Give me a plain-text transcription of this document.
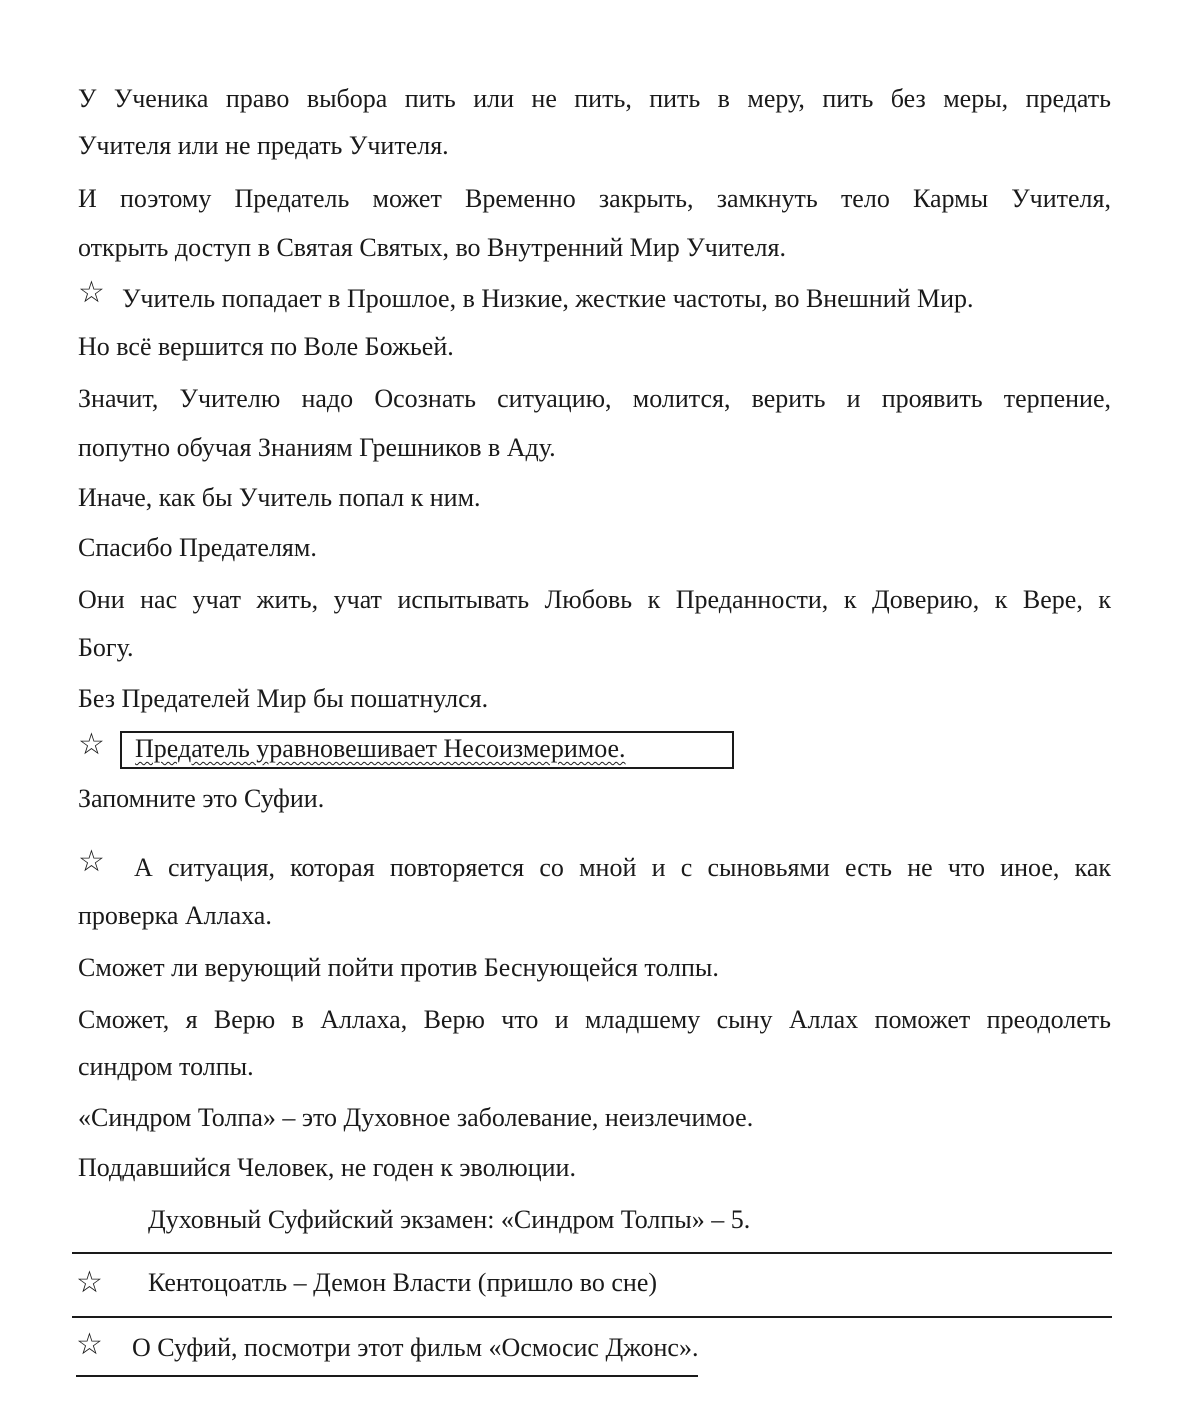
У Ученика право выбора пить или не пить, пить в меру, пить без меры, предать
Учителя или не предать Учителя.
И поэтому Предатель может Временно закрыть, замкнуть тело Кармы Учителя,
открыть доступ в Святая Святых, во Внутренний Мир Учителя.
☆ Учитель попадает в Прошлое, в Низкие, жесткие частоты, во Внешний Мир.
Но всё вершится по Воле Божьей.
Значит, Учителю надо Осознать ситуацию, молится, верить и проявить терпение,
попутно обучая Знаниям Грешников в Аду.
Иначе, как бы Учитель попал к ним.
Спасибо Предателям.
Они нас учат жить, учат испытывать Любовь к Преданности, к Доверию, к Вере, к
Богу.
Без Предателей Мир бы пошатнулся.
☆ Предатель уравновешивает Несоизмеримое.
Запомните это Суфии.
☆ А ситуация, которая повторяется со мной и с сыновьями есть не что иное, как
проверка Аллаха.
Сможет ли верующий пойти против Беснующейся толпы.
Сможет, я Верю в Аллаха, Верю что и младшему сыну Аллах поможет преодолеть
синдром толпы.
«Синдром Толпа» – это Духовное заболевание, неизлечимое.
Поддавшийся Человек, не годен к эволюции.
Духовный Суфийский экзамен: «Синдром Толпы» – 5.
☆ Кентоцоатль – Демон Власти (пришло во сне)
☆ О Суфий, посмотри этот фильм «Осмосис Джонс».
